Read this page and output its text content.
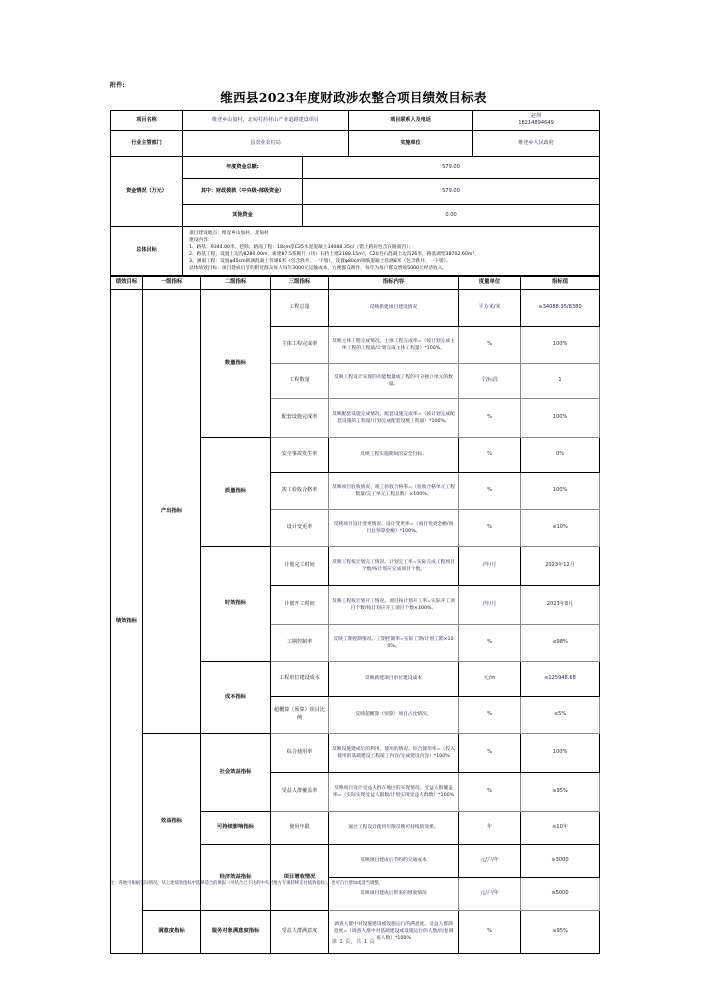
附件:
维西县2023年度财政涉农整合项目绩效目标表
项目名称	维登乡山加村、北甸村药材山产业道路建设项目		项目联系人及电话	赵坝
18214894649
行业主管部门	县农业农村局		实施单位	维登乡人民政府
资金情况（万元）	年度资金总额:	579.00		
	其中：财政拨款（中央级-部级资金）	579.00		
	其他资金	0.00		
总体目标	
项目建设地点：维登乡山加村、北甸村
建设内容：
1、路基：9344.00米，挖除；路面工程：18cm厚C25水泥混凝土34088.35㎡（错土路肩包含在路面内）；
2、路基工程，设置土边沟8280.00m，新建87.5浆砌片（块）石挡土墙2188.15m³，C20毛石混凝土边沟26米，路基调型38702.60m³，
3、涵洞工程：设置φ40cm圆涵混凝土管涵6米（包含跌井、一字墙），设置φ80cm钢筋混凝土管涵8米（包含跌井、一字墙）。
总体绩效目标：项目建成后节约附近群众每人每年3000元运输成本，方便群众耕作，每年为每户群众增收5000元经济收入。
绩效目标	一级指标	二级指标	三级指标	指标内容	度量单位	指标值
绩效指标	产出指标	数量指标	工程总量	反映新建项目建设情况	平方米/米	≥34088.35/8380
			主体工程完成率	反映主体工程完成情况。主体工程完成率=（按计划完成主体工程的工程量/计划完成主体工程量）*100%。	%	100%
			工程数量	反映工程设计实现的功能数量或工程的可分独立单元的数量。	个/标段	1
			配套设施完成率	反映配套设施完成情况。配套设施完成率=（按计划完成配套设施的工程量/计划完成配套设施工程量）*100%。	%	100%
		质量指标	安全事故发生率	反映工程实施期间的安全目标。	%	0%
			竣工验收合格率	反映项目验收情况。竣工验收合格率=（验收合格单元工程数量/完工单元工程总数）×100%。	%	100%
			设计变更率	反映项目设计变更情况。设计变更率=（项目变更金额/项目总预算金额）*100%。	%	≤10%
		时效指标	计划完工时间	反映工程按计划完工情况。计划完工率=实际完成工程项目个数/按计划应完成项目个数。	/年/月	2023年12月
			计划开工时间	反映工程按计划开工情况。项目按计划开工率=实际开工项目个数/按计划应开工项目个数×100%。	/年/月	2023年8月
			工期控制率	反映工期控制情况。工期控制率=实际工期/计划工期×100%。	%	≤98%
		成本指标	工程单位建设成本	反映新建项目单位建设成本	元/m	≤125948.68
			超概算（预算）项目比例	反映超概算（预算）项目占比情况。	%	≤5%
	效益指标	社会效益指标	综合使用率	反映设施建成后的利用、使用的情况。综合使用率=（投入使用的基础建设工程竣工内容/完成建设内容）*100%	%	100%
			受益人群覆盖率	反映项目设计受益人群在地区的实现情况。受益人群覆盖率=（实际实现受益人群数/计划实现受益人群数）*100%	%	≥95%
		可持续影响指标	使用年限	通过工程设计使用年限反映可持续的效果。	年	≥10年
		经济效益指标	项目增收情况	反映项目建成后节约的交通成本	元/户/年	≥3000
				反映项目建成后带来的增收情况	元/户/年	≥5000
	满意度指标	服务对象满意度指标	受益人群满意度	调查人群中对设施建设或设施运行的满意度。受益人群满意度=（调查人群中对基础建设或设施运行的人数/问卷调查人数）*100%	%	≥95%
注：各地可根据实际情况，从上述绩效指标中选择适合的填报（可结合已下达的中央对地方专项转移支付绩效指标），也可自行增加或适当调整。
第 1 页，共 1 页
